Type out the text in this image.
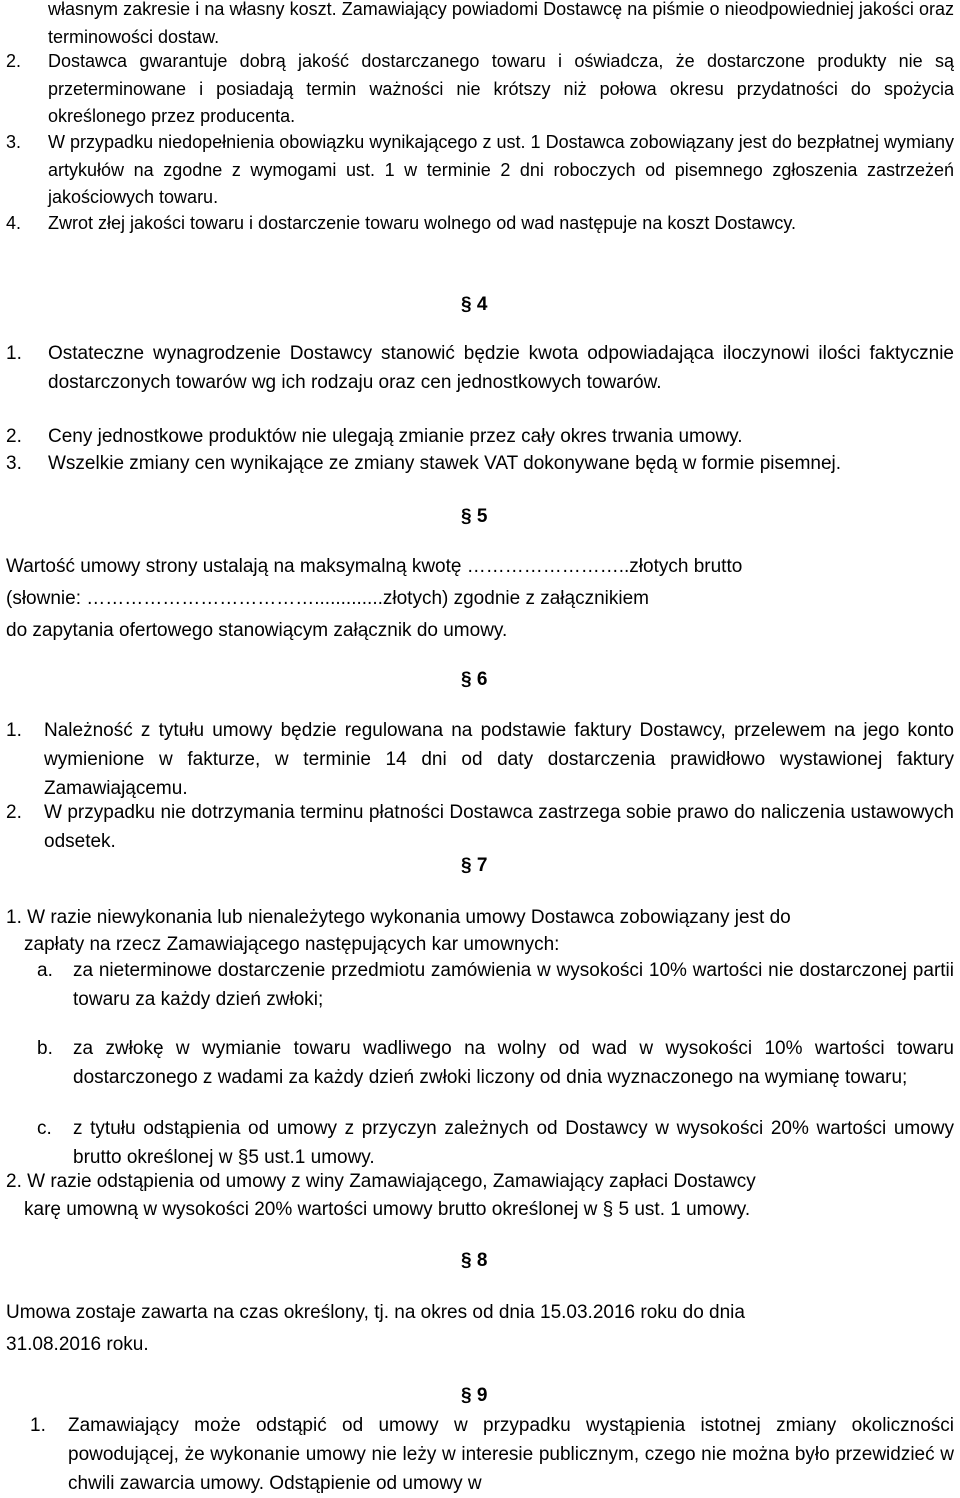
własnym zakresie i na własny koszt. Zamawiający powiadomi Dostawcę na piśmie o nieodpowiedniej jakości oraz terminowości dostaw.
2. Dostawca gwarantuje dobrą jakość dostarczanego towaru i oświadcza, że dostarczone produkty nie są przeterminowane i posiadają termin ważności nie krótszy niż połowa okresu przydatności do spożycia określonego przez producenta.
3. W przypadku niedopełnienia obowiązku wynikającego z ust. 1 Dostawca zobowiązany jest do bezpłatnej wymiany artykułów na zgodne z wymogami ust. 1 w terminie 2 dni roboczych od pisemnego zgłoszenia zastrzeżeń jakościowych towaru.
4. Zwrot złej jakości towaru i dostarczenie towaru wolnego od wad następuje na koszt Dostawcy.
§ 4
1. Ostateczne wynagrodzenie Dostawcy stanowić będzie kwota odpowiadająca iloczynowi ilości faktycznie dostarczonych towarów wg ich rodzaju oraz cen jednostkowych towarów.
2. Ceny jednostkowe produktów nie ulegają zmianie przez cały okres trwania umowy.
3. Wszelkie zmiany cen wynikające ze zmiany stawek VAT dokonywane będą w formie pisemnej.
§ 5
Wartość umowy strony ustalają na maksymalną kwotę ……………………..złotych brutto
(słownie: ……………………………….............złotych) zgodnie z załącznikiem
do zapytania ofertowego stanowiącym załącznik do umowy.
§ 6
1. Należność z tytułu umowy będzie regulowana na podstawie faktury Dostawcy, przelewem na jego konto wymienione w fakturze, w terminie 14 dni od daty dostarczenia prawidłowo wystawionej faktury Zamawiającemu.
2. W przypadku nie dotrzymania terminu płatności Dostawca zastrzega sobie prawo do naliczenia ustawowych odsetek.
§ 7
1. W razie niewykonania lub nienależytego wykonania umowy Dostawca zobowiązany jest do
zapłaty na rzecz Zamawiającego następujących kar umownych:
a. za nieterminowe dostarczenie przedmiotu zamówienia w wysokości 10% wartości nie dostarczonej partii towaru za każdy dzień zwłoki;
b. za zwłokę w wymianie towaru wadliwego na wolny od wad w wysokości 10% wartości towaru dostarczonego z wadami za każdy dzień zwłoki liczony od dnia wyznaczonego na wymianę towaru;
c. z tytułu odstąpienia od umowy z przyczyn zależnych od Dostawcy w wysokości 20% wartości umowy brutto określonej w §5 ust.1 umowy.
2. W razie odstąpienia od umowy z winy Zamawiającego, Zamawiający zapłaci Dostawcy
karę umowną w wysokości 20% wartości umowy brutto określonej w § 5 ust. 1 umowy.
§ 8
Umowa zostaje zawarta na czas określony, tj. na okres od dnia 15.03.2016 roku do dnia
31.08.2016 roku.
§ 9
1. Zamawiający może odstąpić od umowy w przypadku wystąpienia istotnej zmiany okoliczności powodującej, że wykonanie umowy nie leży w interesie publicznym, czego nie można było przewidzieć w chwili zawarcia umowy. Odstąpienie od umowy w
